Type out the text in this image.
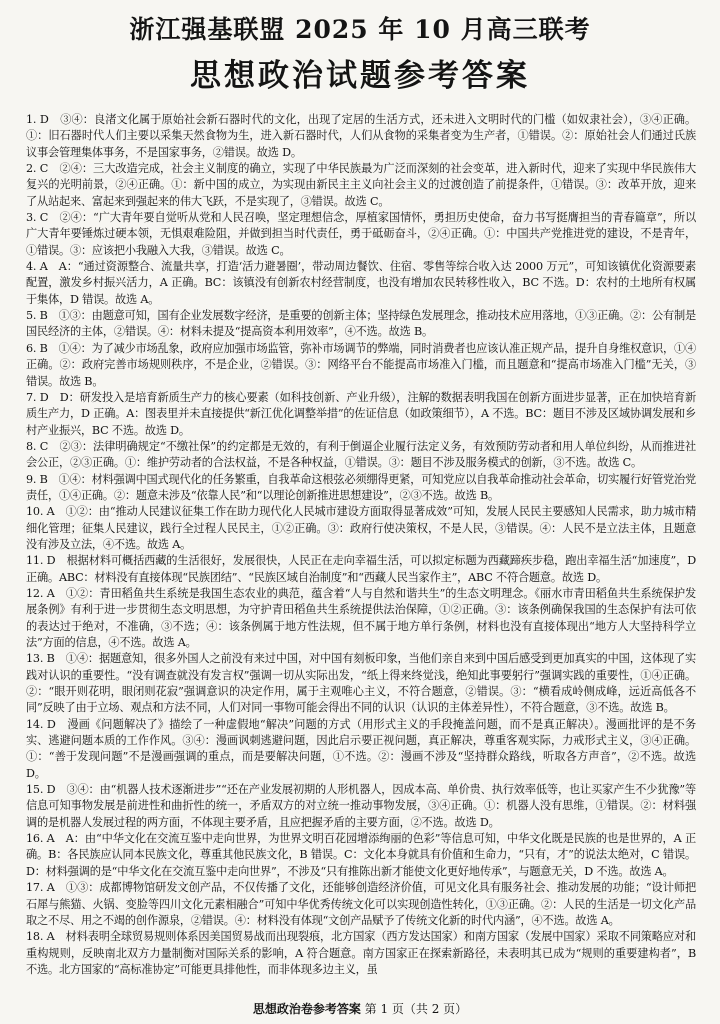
浙江强基联盟 2025 年 10 月高三联考
思想政治试题参考答案

1. D　③④：良渚文化属于原始社会新石器时代的文化，出现了定居的生活方式，还未进入文明时代的门槛（如奴隶社会），③④正确。①：旧石器时代人们主要以采集天然食物为生，进入新石器时代，人们从食物的采集者变为生产者，①错误。②：原始社会人们通过氏族议事会管理集体事务，不是国家事务，②错误。故选 D。

2. C　②④：三大改造完成，社会主义制度的确立，实现了中华民族最为广泛而深刻的社会变革，进入新时代，迎来了实现中华民族伟大复兴的光明前景，②④正确。①：新中国的成立，为实现由新民主主义向社会主义的过渡创造了前提条件，①错误。③：改革开放，迎来了从站起来、富起来到强起来的伟大飞跃，不是实现了，③错误。故选 C。

3. C　②④：“广大青年要自觉听从党和人民召唤，坚定理想信念，厚植家国情怀，勇担历史使命，奋力书写挺膺担当的青春篇章”，所以广大青年要锤炼过硬本领，无惧艰难险阻，并做到担当时代责任，勇于砥砺奋斗，②④正确。①：中国共产党推进党的建设，不是青年，①错误。③：应该把小我融入大我，③错误。故选 C。

4. A　A：“通过资源整合、流量共享，打造‘活力避暑圈’，带动周边餐饮、住宿、零售等综合收入达 2000 万元”，可知该镇优化资源要素配置，激发乡村振兴活力，A 正确。BC：该镇没有创新农村经营制度，也没有增加农民转移性收入，BC 不选。D：农村的土地所有权属于集体，D 错误。故选 A。

5. B　①③：由题意可知，国有企业发展数字经济，是重要的创新主体；坚持绿色发展理念，推动技术应用落地，①③正确。②：公有制是国民经济的主体，②错误。④：材料未提及“提高资本利用效率”，④不选。故选 B。

6. B　①④：为了减少市场乱象，政府应加强市场监管，弥补市场调节的弊端，同时消费者也应该认准正规产品，提升自身维权意识，①④正确。②：政府完善市场规则秩序，不是企业，②错误。③：网络平台不能提高市场准入门槛，而且题意和“提高市场准入门槛”无关，③错误。故选 B。

7. D　D：研发投入是培育新质生产力的核心要素（如科技创新、产业升级），注解的数据表明我国在创新方面进步显著，正在加快培育新质生产力，D 正确。A：图表里并未直接提供“新江优化调整举措”的佐证信息（如政策细节），A 不选。BC：题目不涉及区域协调发展和乡村产业振兴，BC 不选。故选 D。

8. C　②③：法律明确规定“不缴社保”的约定都是无效的，有利于倒逼企业履行法定义务，有效预防劳动者和用人单位纠纷，从而推进社会公正，②③正确。①：维护劳动者的合法权益，不是各种权益，①错误。③：题目不涉及服务模式的创新，③不选。故选 C。

9. B　①④：材料强调中国式现代化的任务繁重，自我革命这根弦必须绷得更紧，可知党应以自我革命推动社会革命，切实履行好管党治党责任，①④正确。②：题意未涉及“依靠人民”和“以理论创新推进思想建设”，②③不选。故选 B。

10. A　①②：由“推动人民建议征集工作在助力现代化人民城市建设方面取得显著成效”可知，发展人民民主要感知人民需求，助力城市精细化管理；征集人民建议，践行全过程人民民主，①②正确。③：政府行使决策权，不是人民，③错误。④：人民不是立法主体，且题意没有涉及立法，④不选。故选 A。

11. D　根据材料可概括西藏的生活很好，发展很快，人民正在走向幸福生活，可以拟定标题为西藏蹄疾步稳，跑出幸福生活“加速度”，D 正确。ABC：材料没有直接体现“民族团结”、“民族区域自治制度”和“西藏人民当家作主”，ABC 不符合题意。故选 D。

12. A　①②：青田稻鱼共生系统是我国生态农业的典范，蕴含着“人与自然和谐共生”的生态文明理念。《丽水市青田稻鱼共生系统保护发展条例》有利于进一步贯彻生态文明思想，为守护青田稻鱼共生系统提供法治保障，①②正确。③：该条例确保我国的生态保护有法可依的表达过于绝对，不准确，③不选；④：该条例属于地方性法规，但不属于地方单行条例，材料也没有直接体现出“地方人大坚持科学立法”方面的信息，④不选。故选 A。

13. B　①④：据题意知，很多外国人之前没有来过中国，对中国有刻板印象，当他们亲自来到中国后感受到更加真实的中国，这体现了实践对认识的重要性。“没有调查就没有发言权”强调一切从实际出发，“纸上得来终觉浅，绝知此事要躬行”强调实践的重要性，①④正确。②：“眼开则花明，眼闭则花寂”强调意识的决定作用，属于主观唯心主义，不符合题意，②错误。③：“横看成岭侧成峰，远近高低各不同”反映了由于立场、观点和方法不同，人们对同一事物可能会得出不同的认识（认识的主体差异性），不符合题意，③不选。故选 B。

14. D　漫画《问题解决了》描绘了一种虚假地“解决”问题的方式（用形式主义的手段掩盖问题，而不是真正解决）。漫画批评的是不务实、逃避问题本质的工作作风。③④：漫画讽刺逃避问题，因此启示要正视问题，真正解决，尊重客观实际，力戒形式主义，③④正确。①：“善于发现问题”不是漫画强调的重点，而是要解决问题，①不选。②：漫画不涉及“坚持群众路线，听取各方声音”，②不选。故选 D。

15. D　③④：由“机器人技术逐渐进步”“还在产业发展初期的人形机器人，因成本高、单价贵、执行效率低等，也让买家产生不少犹豫”等信息可知事物发展是前进性和曲折性的统一，矛盾双方的对立统一推动事物发展，③④正确。①：机器人没有思维，①错误。②：材料强调的是机器人发展过程的两方面，不体现主要矛盾，且应把握矛盾的主要方面，②不选。故选 D。

16. A　A：由“中华文化在交流互鉴中走向世界，为世界文明百花园增添绚丽的色彩”等信息可知，中华文化既是民族的也是世界的，A 正确。B：各民族应认同本民族文化，尊重其他民族文化，B 错误。C：文化本身就具有价值和生命力，“只有，才”的说法太绝对，C 错误。D：材料强调的是“中华文化在交流互鉴中走向世界”，不涉及“只有推陈出新才能使文化更好地传承”，与题意无关，D 不选。故选 A。

17. A　①③：成都博物馆研发文创产品，不仅传播了文化，还能够创造经济价值，可见文化具有服务社会、推动发展的功能；“设计师把石犀与熊猫、火锅、变脸等四川文化元素相融合”可知中华优秀传统文化可以实现创造性转化，①③正确。②：人民的生活是一切文化产品取之不尽、用之不竭的创作源泉，②错误。④：材料没有体现“文创产品赋予了传统文化新的时代内涵”，④不选。故选 A。

18. A　材料表明全球贸易规则体系因美国贸易战而出现裂痕，北方国家（西方发达国家）和南方国家（发展中国家）采取不同策略应对和重构规则，反映南北双方力量制衡对国际关系的影响，A 符合题意。南方国家正在探索新路径，未表明其已成为“规则的重要建构者”，B 不选。北方国家的“高标准协定”可能更具排他性，而非体现多边主义，虽

思想政治卷参考答案 第 1 页（共 2 页）
